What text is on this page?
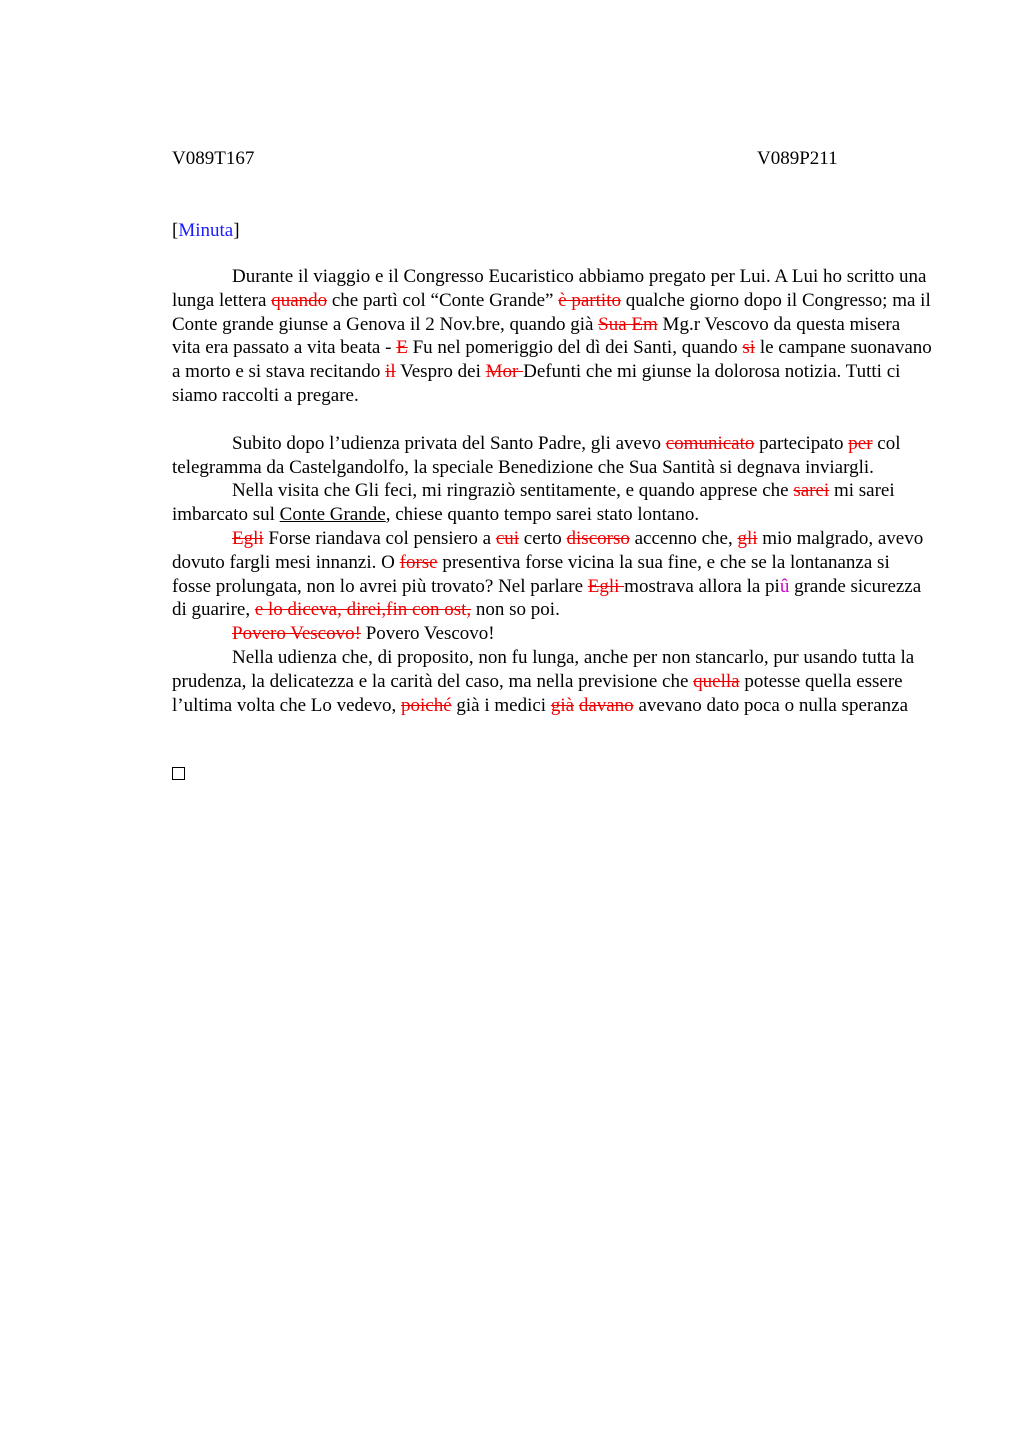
V089T167	V089P211
[Minuta]

Durante il viaggio e il Congresso Eucaristico abbiamo pregato per Lui. A Lui ho scritto una lunga lettera quando che partì col “Conte Grande” è partito qualche giorno dopo il Congresso; ma il Conte grande giunse a Genova il 2 Nov.bre, quando già Sua Em Mg.r Vescovo da questa misera vita era passato a vita beata - E Fu nel pomeriggio del dì dei Santi, quando si le campane suonavano a morto e si stava recitando il Vespro dei Mor Defunti che mi giunse la dolorosa notizia. Tutti ci siamo raccolti a pregare.

Subito dopo l’udienza privata del Santo Padre, gli avevo comunicato partecipato per col telegramma da Castelgandolfo, la speciale Benedizione che Sua Santità si degnava inviargli.

Nella visita che Gli feci, mi ringraziò sentitamente, e quando apprese che sarei mi sarei imbarcato sul Conte Grande, chiese quanto tempo sarei stato lontano.

Egli Forse riandava col pensiero a cui certo discorso accenno che, gli mio malgrado, avevo dovuto fargli mesi innanzi. O forse presentiva forse vicina la sua fine, e che se la lontananza si fosse prolungata, non lo avrei più trovato? Nel parlare Egli mostrava allora la piû grande sicurezza di guarire, e lo diceva, direi,fin con ost, non so poi.

Povero Vescovo! Povero Vescovo!

Nella udienza che, di proposito, non fu lunga, anche per non stancarlo, pur usando tutta la prudenza, la delicatezza e la carità del caso, ma nella previsione che quella potesse quella essere l’ultima volta che Lo vedevo, poiché già i medici già davano avevano dato poca o nulla speranza
